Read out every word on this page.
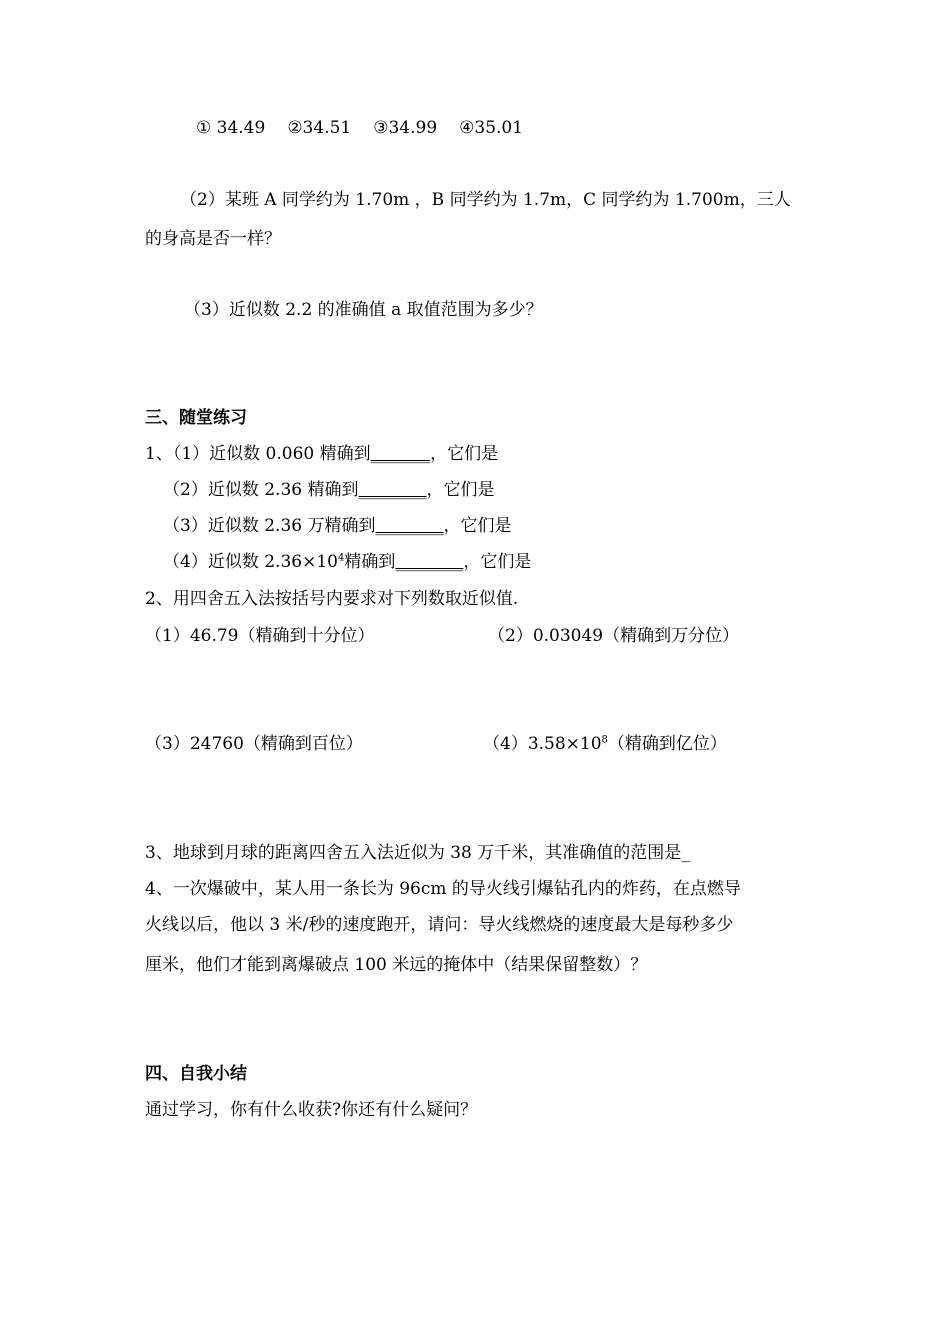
① 34.49 ②34.51 ③34.99 ④35.01
（2）某班 A 同学约为 1.70m ，B 同学约为 1.7m，C 同学约为 1.700m，三人
的身高是否一样？
（3）近似数 2.2 的准确值 a 取值范围为多少？
三、随堂练习
1、（1）近似数 0.060 精确到_______，它们是
（2）近似数 2.36 精确到________，它们是
（3）近似数 2.36 万精确到________，它们是
（4）近似数 $2.36\times 10^4$精确到________，它们是
2、用四舍五入法按括号内要求对下列数取近似值.
（1）46.79（精确到十分位）	（2）0.03049（精确到万分位）
（3）24760（精确到百位）	$(4)3.58\times 10^8$（精确到亿位）
3、地球到月球的距离四舍五入法近似为 38 万千米，其准确值的范围是_
4、一次爆破中，某人用一条长为 96cm 的导火线引爆钻孔内的炸药，在点燃导
火线以后，他以 3 米/秒的速度跑开，请问：导火线燃烧的速度最大是每秒多少
厘米，他们才能到离爆破点 100 米远的掩体中（结果保留整数）？
四、自我小结
通过学习，你有什么收获?你还有什么疑问？
